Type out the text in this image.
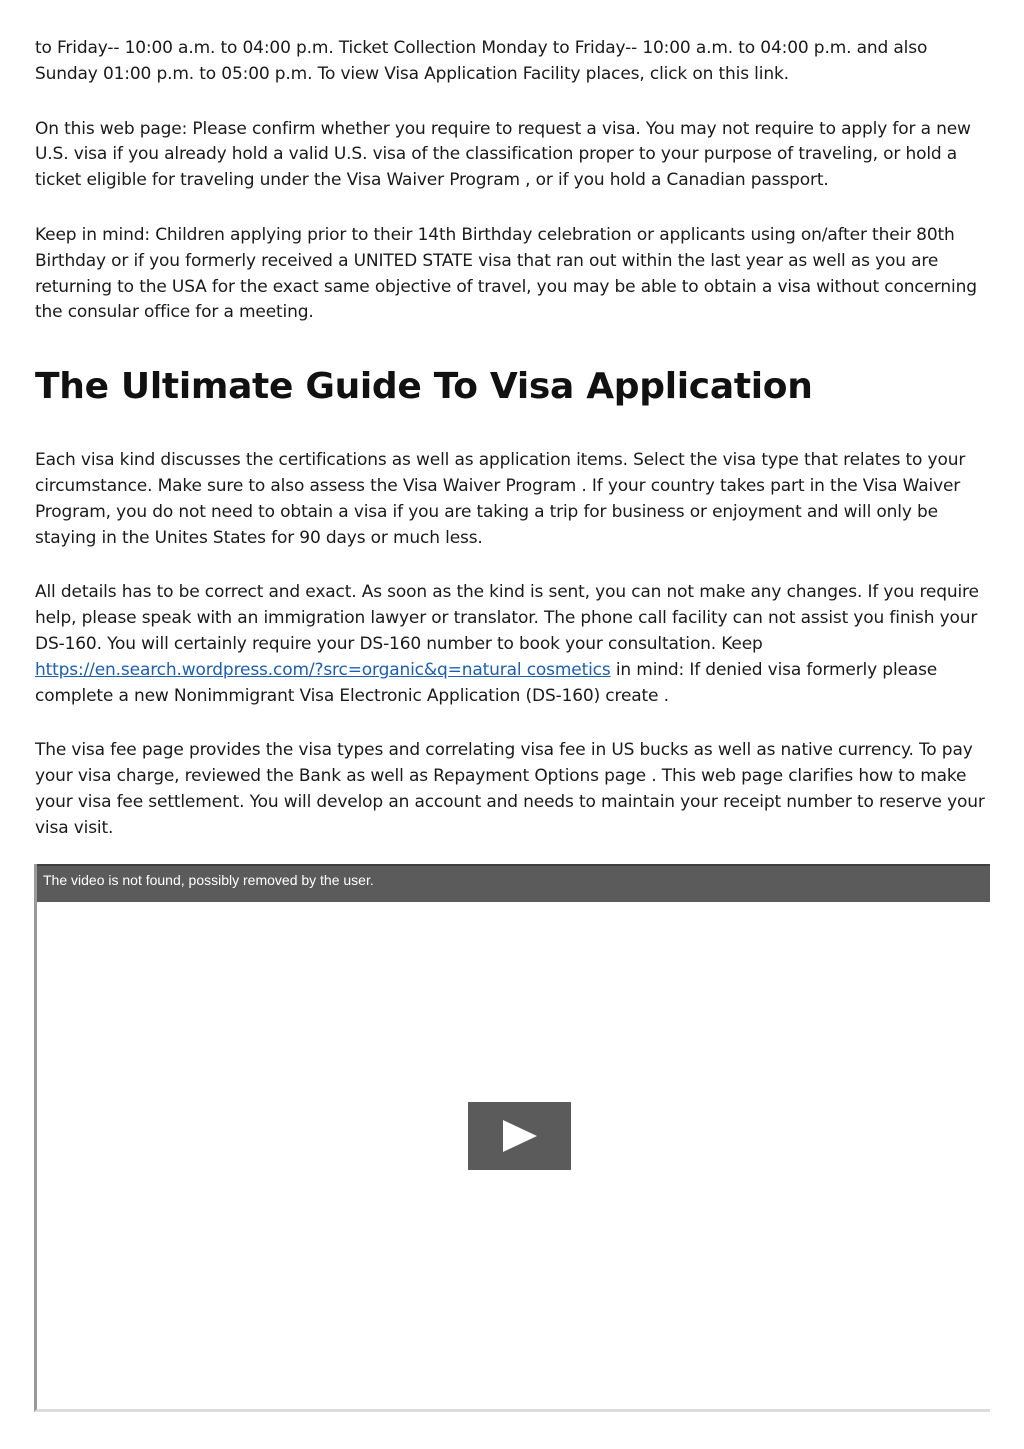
to Friday-- 10:00 a.m. to 04:00 p.m. Ticket Collection Monday to Friday-- 10:00 a.m. to 04:00 p.m. and also Sunday 01:00 p.m. to 05:00 p.m. To view Visa Application Facility places, click on this link.

On this web page: Please confirm whether you require to request a visa. You may not require to apply for a new U.S. visa if you already hold a valid U.S. visa of the classification proper to your purpose of traveling, or hold a ticket eligible for traveling under the Visa Waiver Program , or if you hold a Canadian passport.

Keep in mind: Children applying prior to their 14th Birthday celebration or applicants using on/after their 80th Birthday or if you formerly received a UNITED STATE visa that ran out within the last year as well as you are returning to the USA for the exact same objective of travel, you may be able to obtain a visa without concerning the consular office for a meeting.

The Ultimate Guide To Visa Application

Each visa kind discusses the certifications as well as application items. Select the visa type that relates to your circumstance. Make sure to also assess the Visa Waiver Program . If your country takes part in the Visa Waiver Program, you do not need to obtain a visa if you are taking a trip for business or enjoyment and will only be staying in the Unites States for 90 days or much less.

All details has to be correct and exact. As soon as the kind is sent, you can not make any changes. If you require help, please speak with an immigration lawyer or translator. The phone call facility can not assist you finish your DS-160. You will certainly require your DS-160 number to book your consultation. Keep https://en.search.wordpress.com/?src=organic&q=natural cosmetics in mind: If denied visa formerly please complete a new Nonimmigrant Visa Electronic Application (DS-160) create .

The visa fee page provides the visa types and correlating visa fee in US bucks as well as native currency. To pay your visa charge, reviewed the Bank as well as Repayment Options page . This web page clarifies how to make your visa fee settlement. You will develop an account and needs to maintain your receipt number to reserve your visa visit.

The video is not found, possibly removed by the user.
